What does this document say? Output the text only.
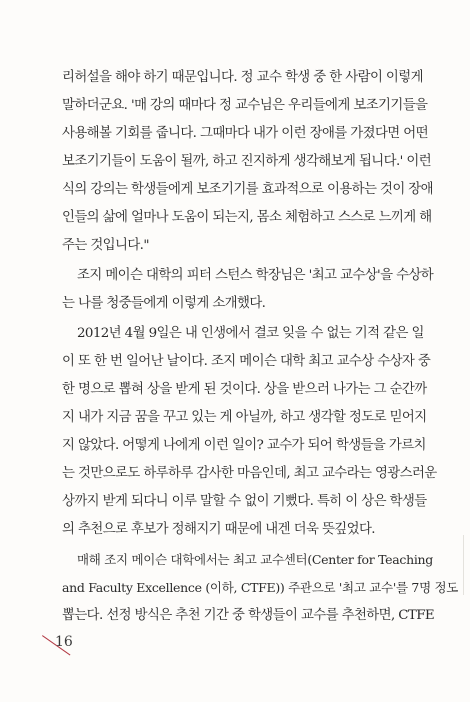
리허설을 해야 하기 때문입니다. 정 교수 학생 중 한 사람이 이렇게
말하더군요. '매 강의 때마다 정 교수님은 우리들에게 보조기기들을
사용해볼 기회를 줍니다. 그때마다 내가 이런 장애를 가졌다면 어떤
보조기기들이 도움이 될까, 하고 진지하게 생각해보게 됩니다.' 이런
식의 강의는 학생들에게 보조기기를 효과적으로 이용하는 것이 장애
인들의 삶에 얼마나 도움이 되는지, 몸소 체험하고 스스로 느끼게 해
주는 것입니다."
조지 메이슨 대학의 피터 스턴스 학장님은 '최고 교수상'을 수상하
는 나를 청중들에게 이렇게 소개했다.
2012년 4월 9일은 내 인생에서 결코 잊을 수 없는 기적 같은 일
이 또 한 번 일어난 날이다. 조지 메이슨 대학 최고 교수상 수상자 중
한 명으로 뽑혀 상을 받게 된 것이다. 상을 받으러 나가는 그 순간까
지 내가 지금 꿈을 꾸고 있는 게 아닐까, 하고 생각할 정도로 믿어지
지 않았다. 어떻게 나에게 이런 일이? 교수가 되어 학생들을 가르치
는 것만으로도 하루하루 감사한 마음인데, 최고 교수라는 영광스러운
상까지 받게 되다니 이루 말할 수 없이 기뻤다. 특히 이 상은 학생들
의 추천으로 후보가 정해지기 때문에 내겐 더욱 뜻깊었다.
매해 조지 메이슨 대학에서는 최고 교수센터(Center for Teaching
and Faculty Excellence (이하, CTFE)) 주관으로 '최고 교수'를 7명 정도
뽑는다. 선정 방식은 추천 기간 중 학생들이 교수를 추천하면, CTFE
16
